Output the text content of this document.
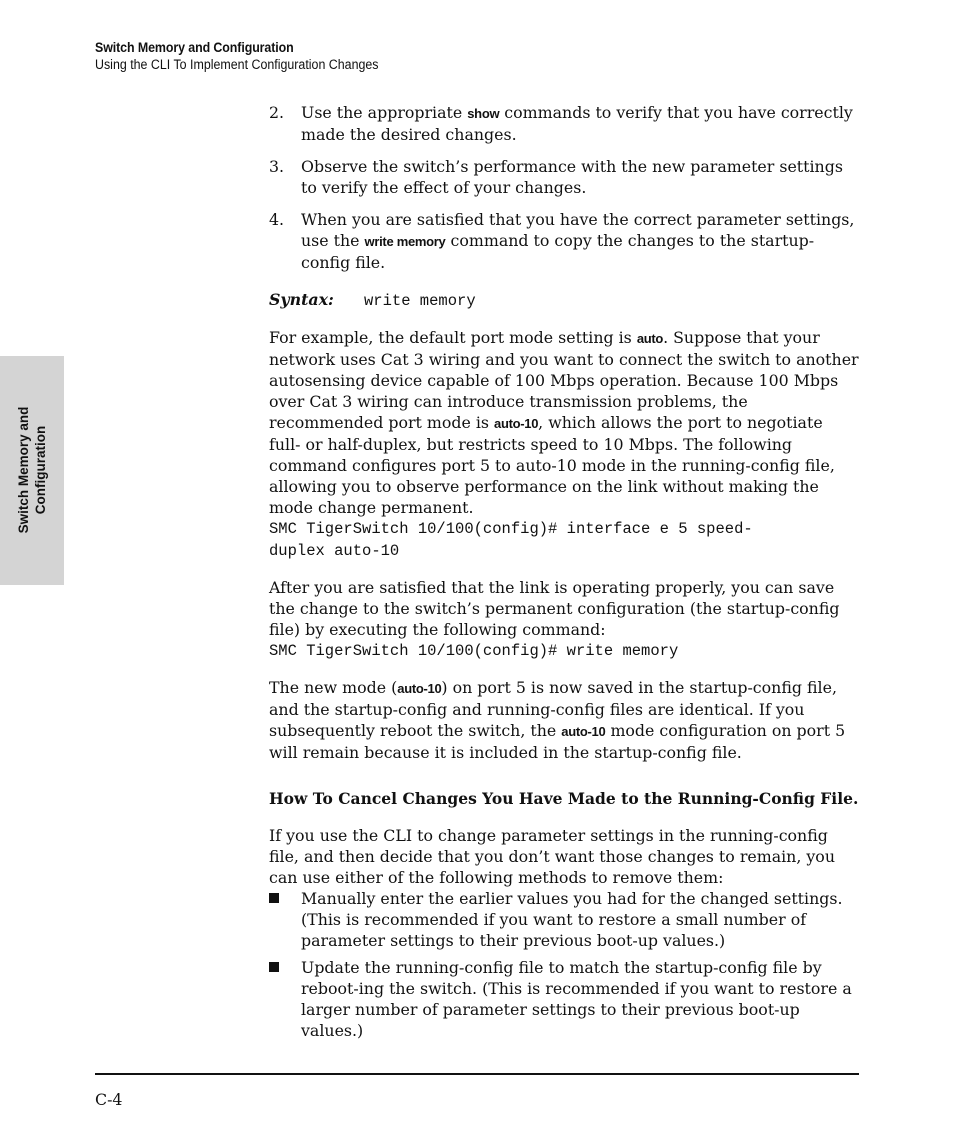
Switch Memory and Configuration
Using the CLI To Implement Configuration Changes
Switch Memory and Configuration
2. Use the appropriate show commands to verify that you have correctly made the desired changes.

3. Observe the switch’s performance with the new parameter settings to verify the effect of your changes.

4. When you are satisfied that you have the correct parameter settings, use the write memory command to copy the changes to the startup-config file.

Syntax: write memory

For example, the default port mode setting is auto. Suppose that your network uses Cat 3 wiring and you want to connect the switch to another autosensing device capable of 100 Mbps operation. Because 100 Mbps over Cat 3 wiring can introduce transmission problems, the recommended port mode is auto-10, which allows the port to negotiate full- or half-duplex, but restricts speed to 10 Mbps. The following command configures port 5 to auto-10 mode in the running-config file, allowing you to observe performance on the link without making the mode change permanent.

SMC TigerSwitch 10/100(config)# interface e 5 speed-
duplex auto-10

After you are satisfied that the link is operating properly, you can save the change to the switch’s permanent configuration (the startup-config file) by executing the following command:

SMC TigerSwitch 10/100(config)# write memory

The new mode (auto-10) on port 5 is now saved in the startup-config file, and the startup-config and running-config files are identical. If you subsequently reboot the switch, the auto-10 mode configuration on port 5 will remain because it is included in the startup-config file.

How To Cancel Changes You Have Made to the Running-Config File.

If you use the CLI to change parameter settings in the running-config file, and then decide that you don’t want those changes to remain, you can use either of the following methods to remove them:

Manually enter the earlier values you had for the changed settings. (This is recommended if you want to restore a small number of parameter settings to their previous boot-up values.)

Update the running-config file to match the startup-config file by reboot-ing the switch. (This is recommended if you want to restore a larger number of parameter settings to their previous boot-up values.)

C-4
